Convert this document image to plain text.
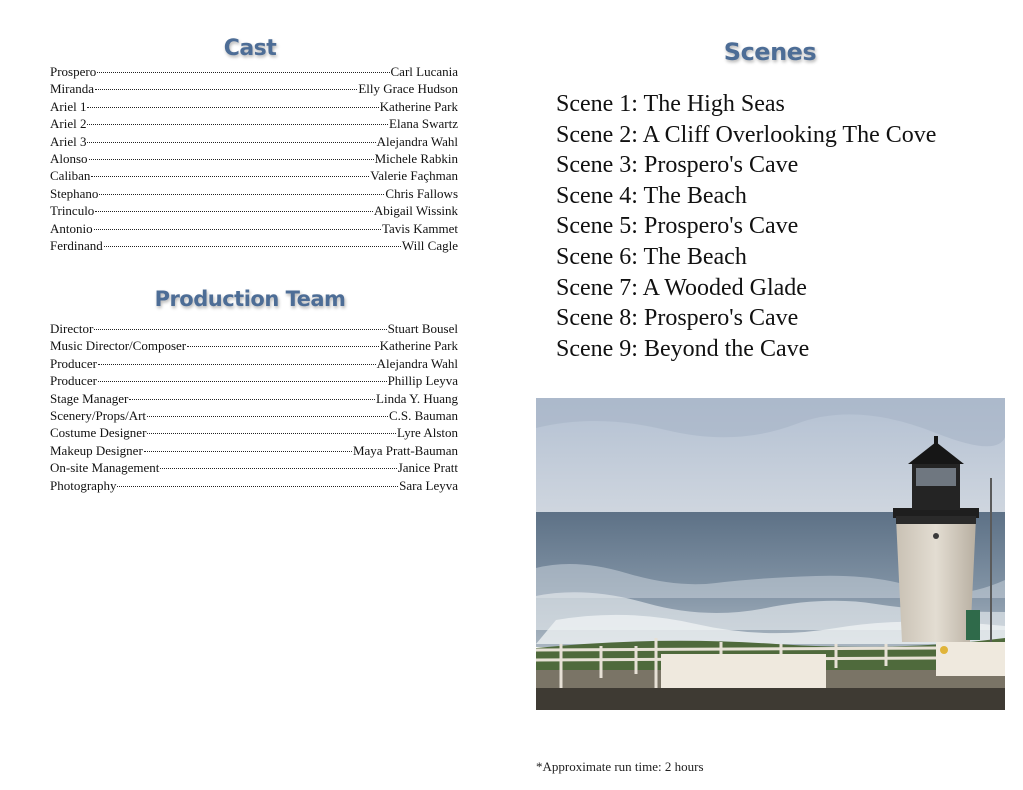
Cast
Prospero	Carl Lucania
Miranda	Elly Grace Hudson
Ariel 1	Katherine Park
Ariel 2	Elana Swartz
Ariel 3	Alejandra Wahl
Alonso	Michele Rabkin
Caliban	Valerie Façhman
Stephano	Chris Fallows
Trinculo	Abigail Wissink
Antonio	Tavis Kammet
Ferdinand	Will Cagle
Production Team
Director	Stuart Bousel
Music Director/Composer	Katherine Park
Producer	Alejandra Wahl
Producer	Phillip Leyva
Stage Manager	Linda Y. Huang
Scenery/Props/Art	C.S. Bauman
Costume Designer	Lyre Alston
Makeup Designer	Maya Pratt-Bauman
On-site Management	Janice Pratt
Photography	Sara Leyva
Scenes
Scene 1: The High Seas
Scene 2: A Cliff Overlooking The Cove
Scene 3: Prospero's Cave
Scene 4: The Beach
Scene 5: Prospero's Cave
Scene 6: The Beach
Scene 7: A Wooded Glade
Scene 8: Prospero's Cave
Scene 9: Beyond the Cave
*Approximate run time: 2 hours
